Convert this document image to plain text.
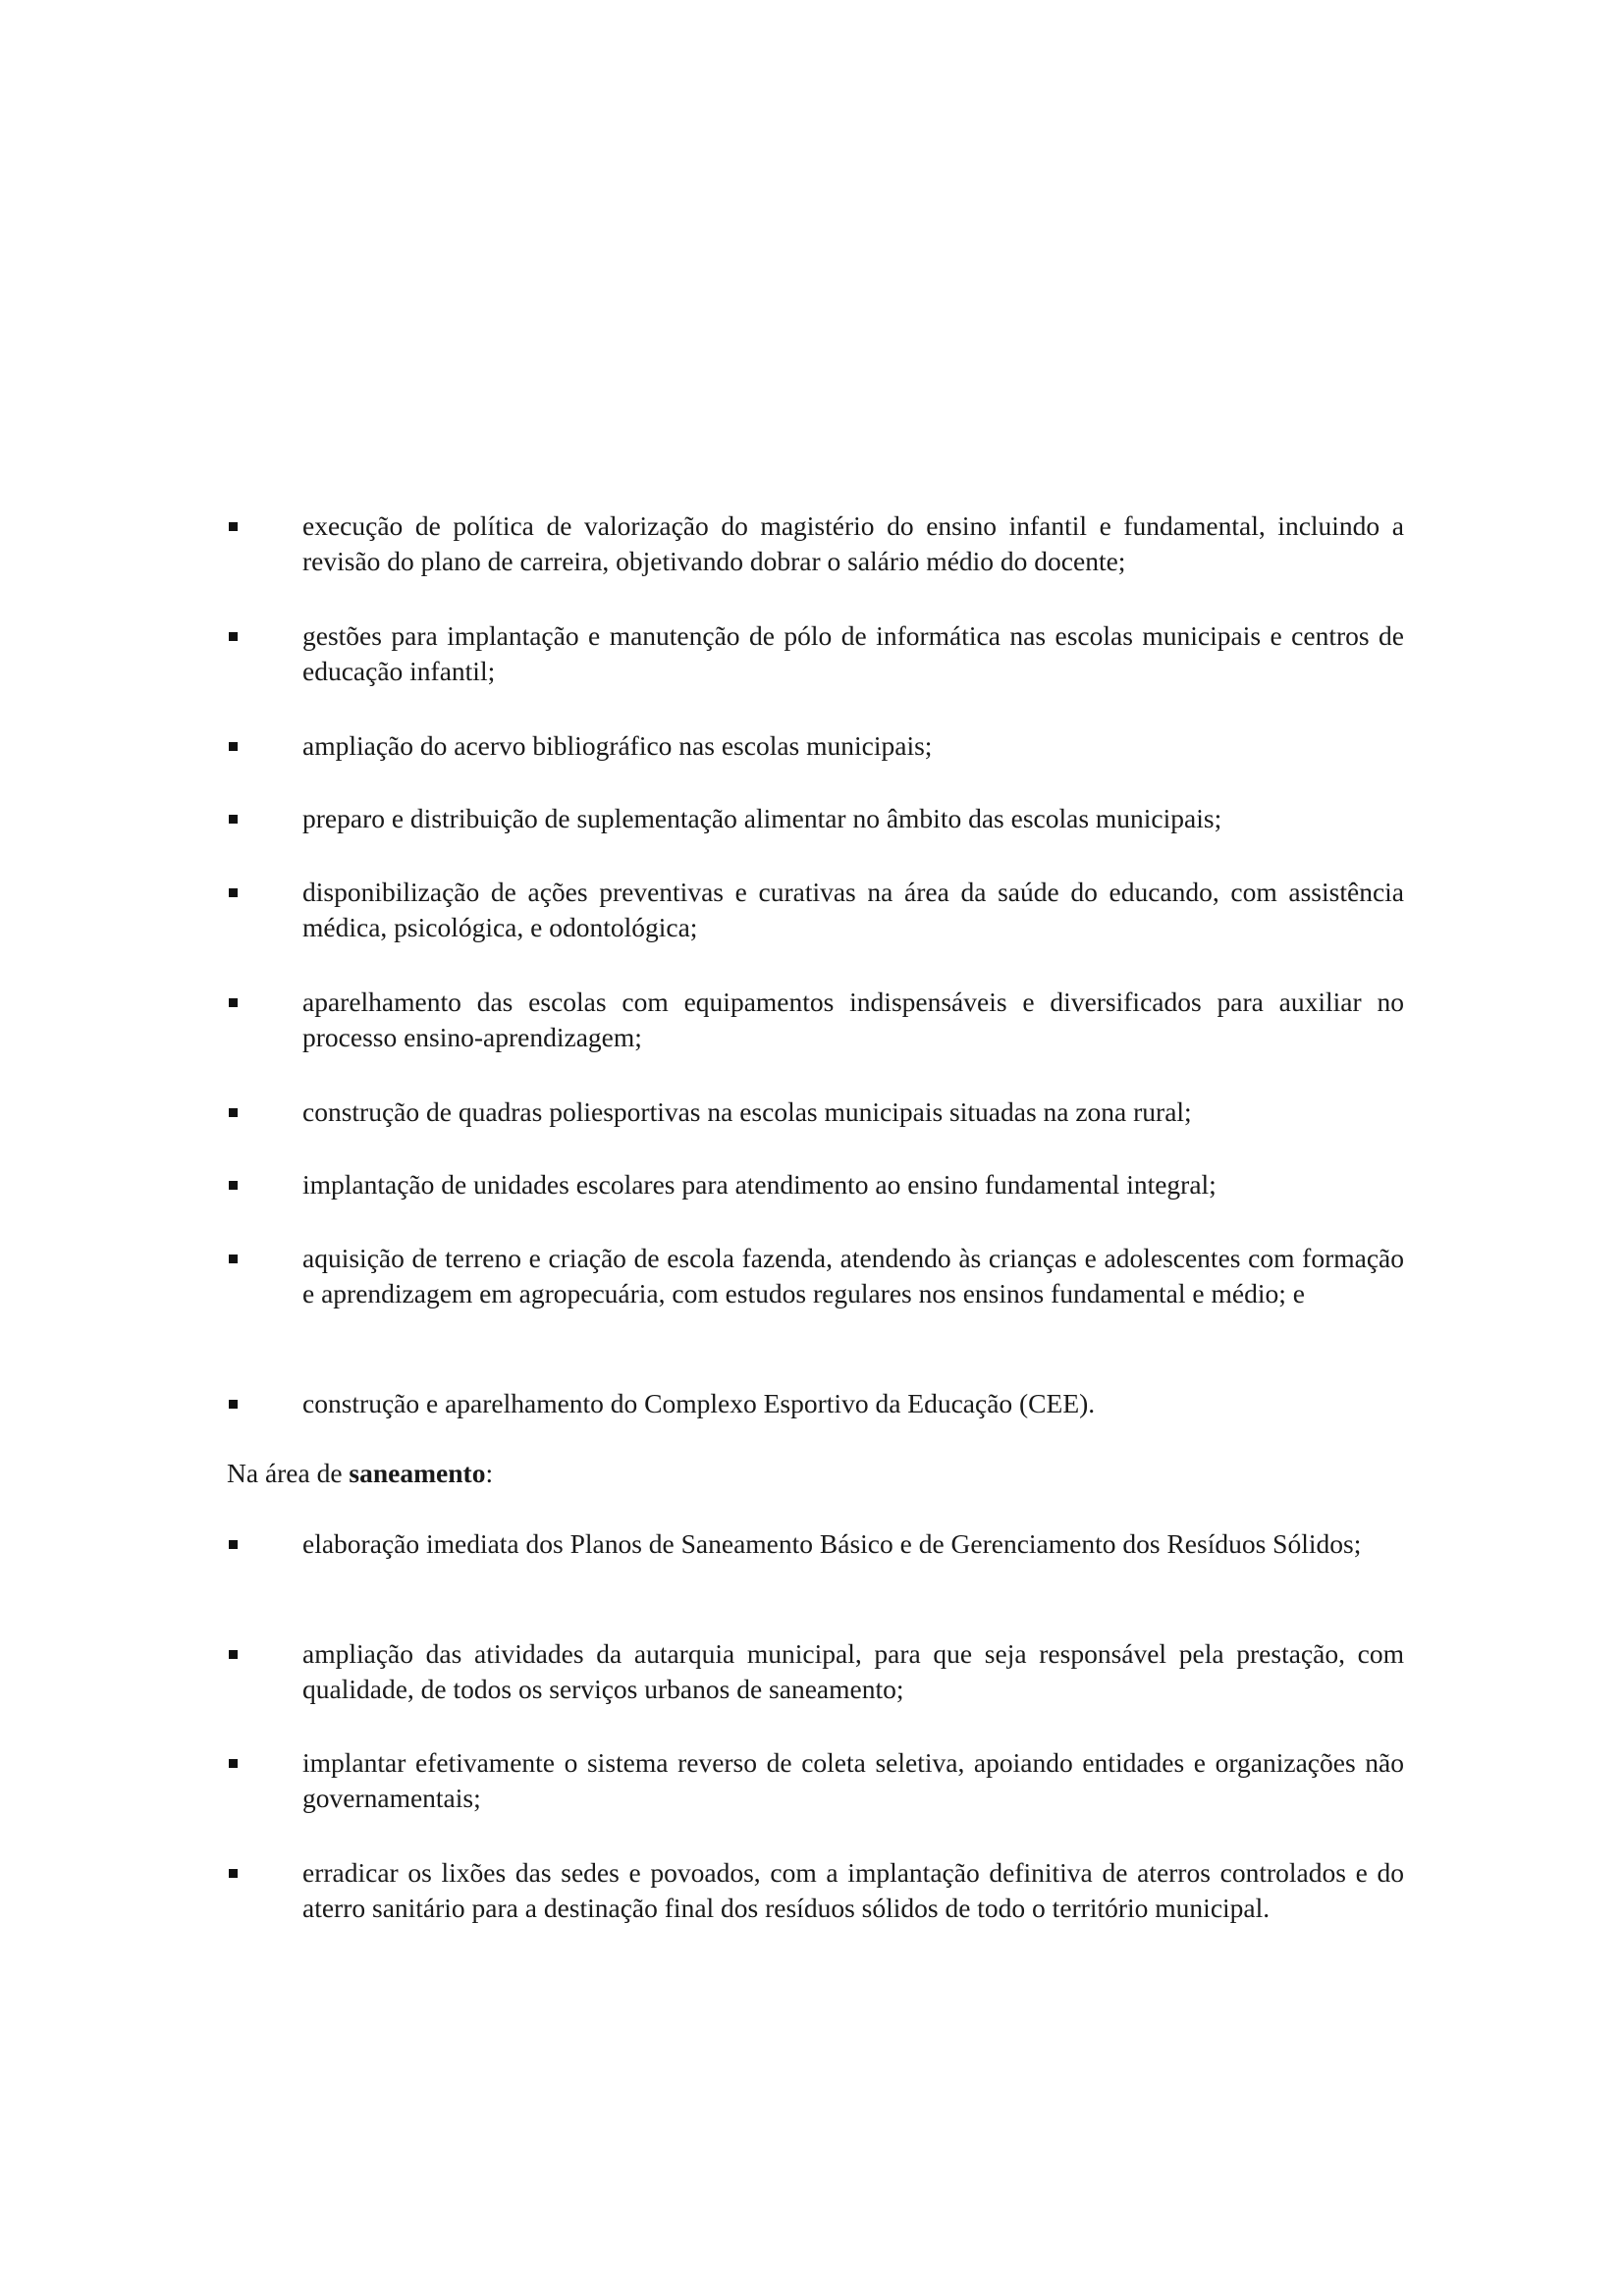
execução de política de valorização do magistério do ensino infantil e fundamental, incluindo a revisão do plano de carreira, objetivando dobrar o salário médio do docente;
gestões para implantação e manutenção de pólo de informática nas escolas municipais e centros de educação infantil;
ampliação do acervo bibliográfico nas escolas municipais;
preparo e distribuição de suplementação alimentar no âmbito das escolas municipais;
disponibilização de ações preventivas e curativas na área da saúde do educando, com assistência médica, psicológica, e odontológica;
aparelhamento das escolas com equipamentos indispensáveis e diversificados para auxiliar no processo ensino-aprendizagem;
construção de quadras poliesportivas na escolas municipais situadas na zona rural;
implantação de unidades escolares para atendimento ao ensino fundamental integral;
aquisição de terreno e criação de escola fazenda, atendendo às crianças e adolescentes com formação e aprendizagem em agropecuária, com estudos regulares nos ensinos fundamental e médio; e
construção e aparelhamento do Complexo Esportivo da Educação (CEE).
Na área de saneamento:
elaboração imediata dos Planos de Saneamento Básico e de Gerenciamento dos Resíduos Sólidos;
ampliação das atividades da autarquia municipal, para que seja responsável pela prestação, com qualidade, de todos os serviços urbanos de saneamento;
implantar efetivamente o sistema reverso de coleta seletiva, apoiando entidades e organizações não governamentais;
erradicar os lixões das sedes e povoados, com a implantação definitiva de aterros controlados e do aterro sanitário para a destinação final dos resíduos sólidos de todo o território municipal.
